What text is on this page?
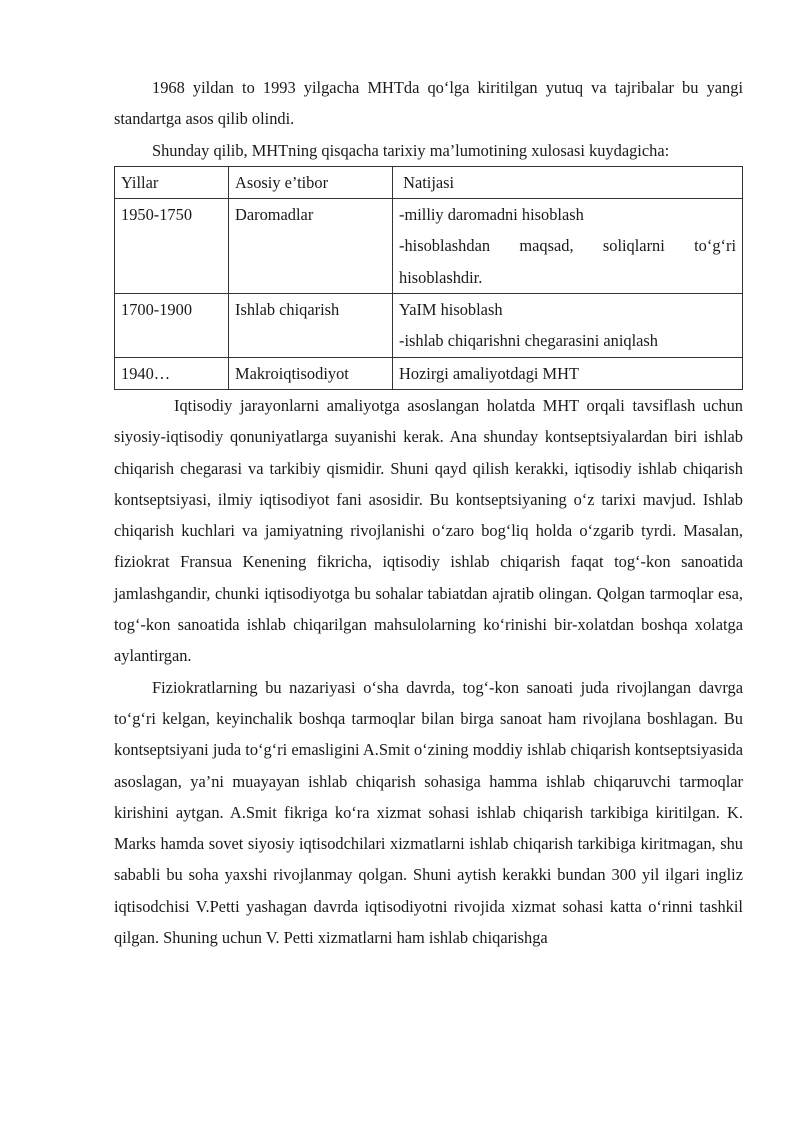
1968 yildan to 1993 yilgacha MHTda qo‘lga kiritilgan yutuq va tajribalar bu yangi standartga asos qilib olindi.

Shunday qilib, MHTning qisqacha tarixiy ma’lumotining xulosasi kuydagicha:

Yillar	Asosiy e’tibor	Natijasi
1950-1750	Daromadlar	-milliy daromadni hisoblash
-hisoblashdan maqsad, soliqlarni to‘g‘ri hisoblashdir.

1700-1900	Ishlab chiqarish	YaIM hisoblash
-ishlab chiqarishni chegarasini aniqlash

1940…	Makroiqtisodiyot	Hozirgi amaliyotdagi MHT

Iqtisodiy jarayonlarni amaliyotga asoslangan holatda MHT orqali tavsiflash uchun siyosiy-iqtisodiy qonuniyatlarga suyanishi kerak. Ana shunday kontseptsiyalardan biri ishlab chiqarish chegarasi va tarkibiy qismidir. Shuni qayd qilish kerakki, iqtisodiy ishlab chiqarish kontseptsiyasi, ilmiy iqtisodiyot fani asosidir. Bu kontseptsiyaning o‘z tarixi mavjud. Ishlab chiqarish kuchlari va jamiyatning rivojlanishi o‘zaro bog‘liq holda o‘zgarib tyrdi. Masalan, fiziokrat Fransua Kenening fikricha, iqtisodiy ishlab chiqarish faqat tog‘-kon sanoatida jamlashgandir, chunki iqtisodiyotga bu sohalar tabiatdan ajratib olingan. Qolgan tarmoqlar esa, tog‘-kon sanoatida ishlab chiqarilgan mahsulolarning ko‘rinishi bir-xolatdan boshqa xolatga aylantirgan.

Fiziokratlarning bu nazariyasi o‘sha davrda, tog‘-kon sanoati juda rivojlangan davrga to‘g‘ri kelgan, keyinchalik boshqa tarmoqlar bilan birga sanoat ham rivojlana boshlagan. Bu kontseptsiyani juda to‘g‘ri emasligini A.Smit o‘zining moddiy ishlab chiqarish kontseptsiyasida asoslagan, ya’ni muayayan ishlab chiqarish sohasiga hamma ishlab chiqaruvchi tarmoqlar kirishini aytgan. A.Smit fikriga ko‘ra xizmat sohasi ishlab chiqarish tarkibiga kiritilgan. K. Marks hamda sovet siyosiy iqtisodchilari xizmatlarni ishlab chiqarish tarkibiga kiritmagan, shu sababli bu soha yaxshi rivojlanmay qolgan. Shuni aytish kerakki bundan 300 yil ilgari ingliz iqtisodchisi V.Petti yashagan davrda iqtisodiyotni rivojida xizmat sohasi katta o‘rinni tashkil qilgan. Shuning uchun V. Petti xizmatlarni ham ishlab chiqarishga
